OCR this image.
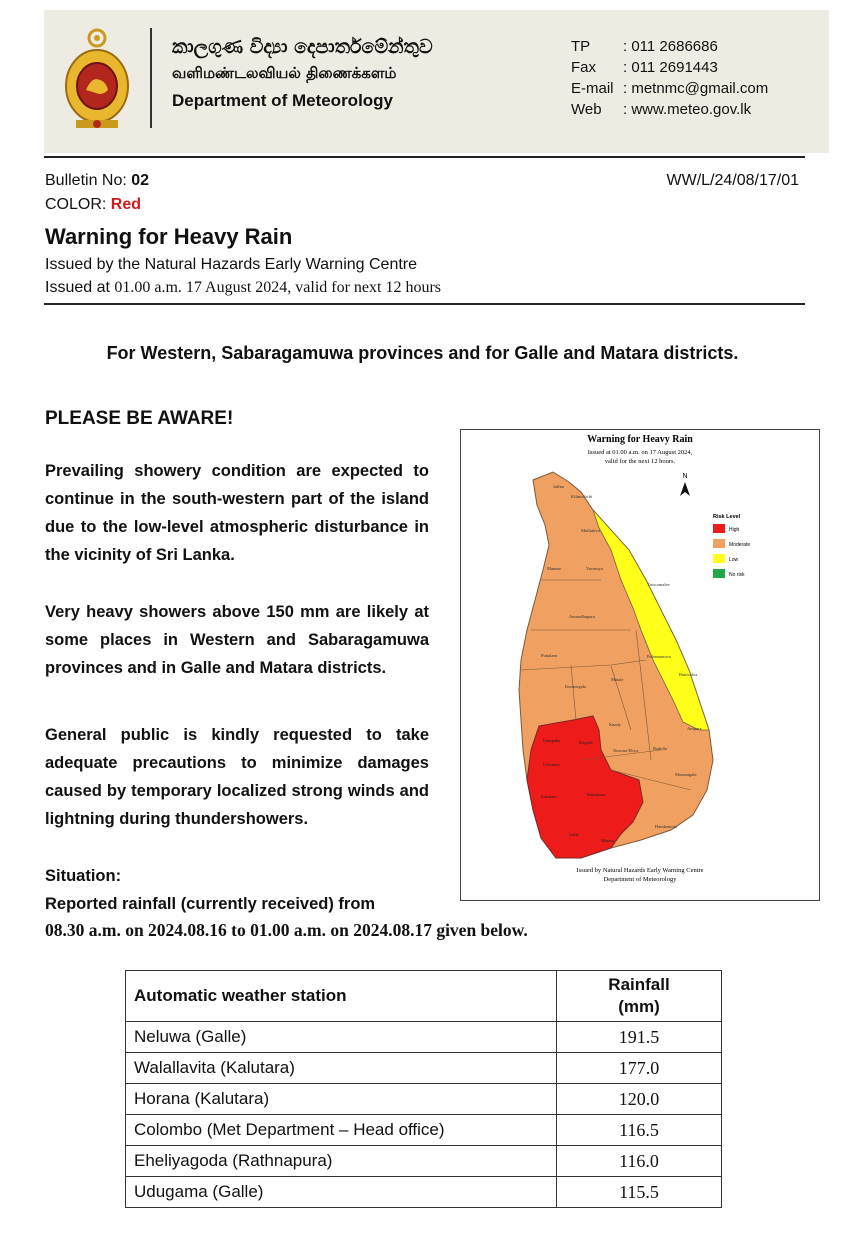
කාලගුණ විද්‍යා දෙපාර්තමේන්තුව
வளிமண்டலவியல் திணைக்களம்
Department of Meteorology
TP : 011 2686686
Fax : 011 2691443
E-mail : metnmc@gmail.com
Web : www.meteo.gov.lk
Bulletin No: 02	WW/L/24/08/17/01
COLOR: Red
Warning for Heavy Rain
Issued by the Natural Hazards Early Warning Centre
Issued at 01.00 a.m. 17 August 2024, valid for next 12 hours
For Western, Sabaragamuwa provinces and for Galle and Matara districts.
PLEASE BE AWARE!
Prevailing showery condition are expected to continue in the south-western part of the island due to the low-level atmospheric disturbance in the vicinity of Sri Lanka.
Very heavy showers above 150 mm are likely at some places in Western and Sabaragamuwa provinces and in Galle and Matara districts.
General public is kindly requested to take adequate precautions to minimize damages caused by temporary localized strong winds and lightning during thundershowers.
Situation:
Reported rainfall (currently received) from
08.30 a.m. on 2024.08.16 to 01.00 a.m. on 2024.08.17 given below.
Warning for Heavy Rain
Issued at 01.00 a.m. on 17 August 2024,
valid for the next 12 hours.
Jaffna
Kilinochchi
Mullaitivu
Mannar	Vavuniya
Trincomalee
Anuradhapura
Puttalam	Polonnaruwa
Batticaloa
Kurunegala
Matale
Kandy
Ampara
Gampaha	Kegalle
Nuwara Eliya	Badulla
Colombo
Monaragala
Kalutara	Ratnapura
Hambantota
Galle
Matara
N
Risk Level
High
Moderate
Low
No risk
Issued by Natural Hazards Early Warning Centre
Department of Meteorology
Automatic weather station	Rainfall
(mm)
Neluwa (Galle)	191.5
Walallavita (Kalutara)	177.0
Horana (Kalutara)	120.0
Colombo (Met Department – Head office)	116.5
Eheliyagoda (Rathnapura)	116.0
Udugama (Galle)	115.5
